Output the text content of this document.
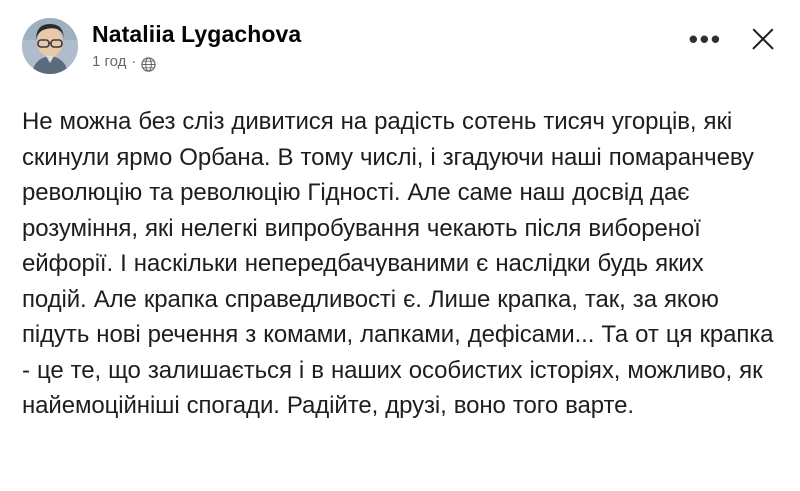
Nataliia Lygachova
1 год ·
•••
Не можна без сліз дивитися на радість сотень тисяч угорців, які скинули ярмо Орбана. В тому числі, і згадуючи наші помаранчеву революцію та революцію Гідності. Але саме наш досвід дає розуміння, які нелегкі випробування чекають після вибореної ейфорії. І наскільки непередбачуваними є наслідки будь яких подій. Але крапка справедливості є. Лише крапка, так, за якою підуть нові речення з комами, лапками, дефісами... Та от ця крапка - це те, що залишається і в наших особистих історіях, можливо, як найемоційніші спогади. Радійте, друзі, воно того варте.
